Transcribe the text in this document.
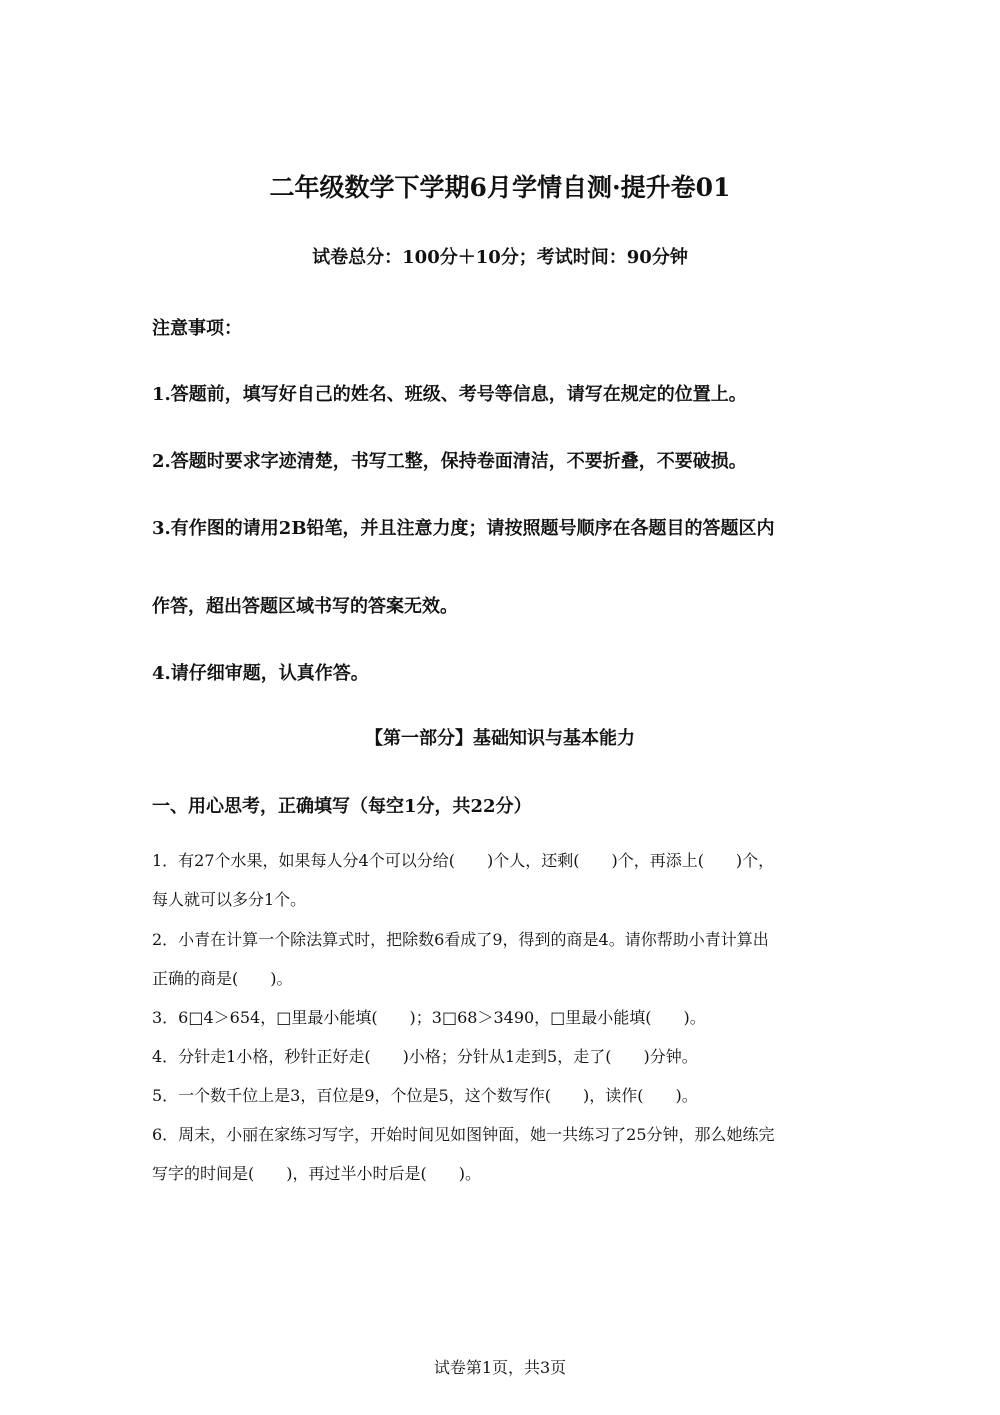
二年级数学下学期6月学情自测·提升卷01
试卷总分：100分＋10分；考试时间：90分钟
注意事项：
1.答题前，填写好自己的姓名、班级、考号等信息，请写在规定的位置上。
2.答题时要求字迹清楚，书写工整，保持卷面清洁，不要折叠，不要破损。
3.有作图的请用2B铅笔，并且注意力度；请按照题号顺序在各题目的答题区内
作答，超出答题区域书写的答案无效。
4.请仔细审题，认真作答。
【第一部分】基础知识与基本能力
一、用心思考，正确填写（每空1分，共22分）
1．有27个水果，如果每人分4个可以分给(　　)个人，还剩(　　)个，再添上(　　)个，
每人就可以多分1个。
2．小青在计算一个除法算式时，把除数6看成了9，得到的商是4。请你帮助小青计算出
正确的商是(　　)。
3．6□4＞654，□里最小能填(　　)；3□68＞3490，□里最小能填(　　)。
4．分针走1小格，秒针正好走(　　)小格；分针从1走到5，走了(　　)分钟。
5．一个数千位上是3，百位是9，个位是5，这个数写作(　　)，读作(　　)。
6．周末，小丽在家练习写字，开始时间见如图钟面，她一共练习了25分钟，那么她练完
写字的时间是(　　)，再过半小时后是(　　)。
试卷第1页，共3页
